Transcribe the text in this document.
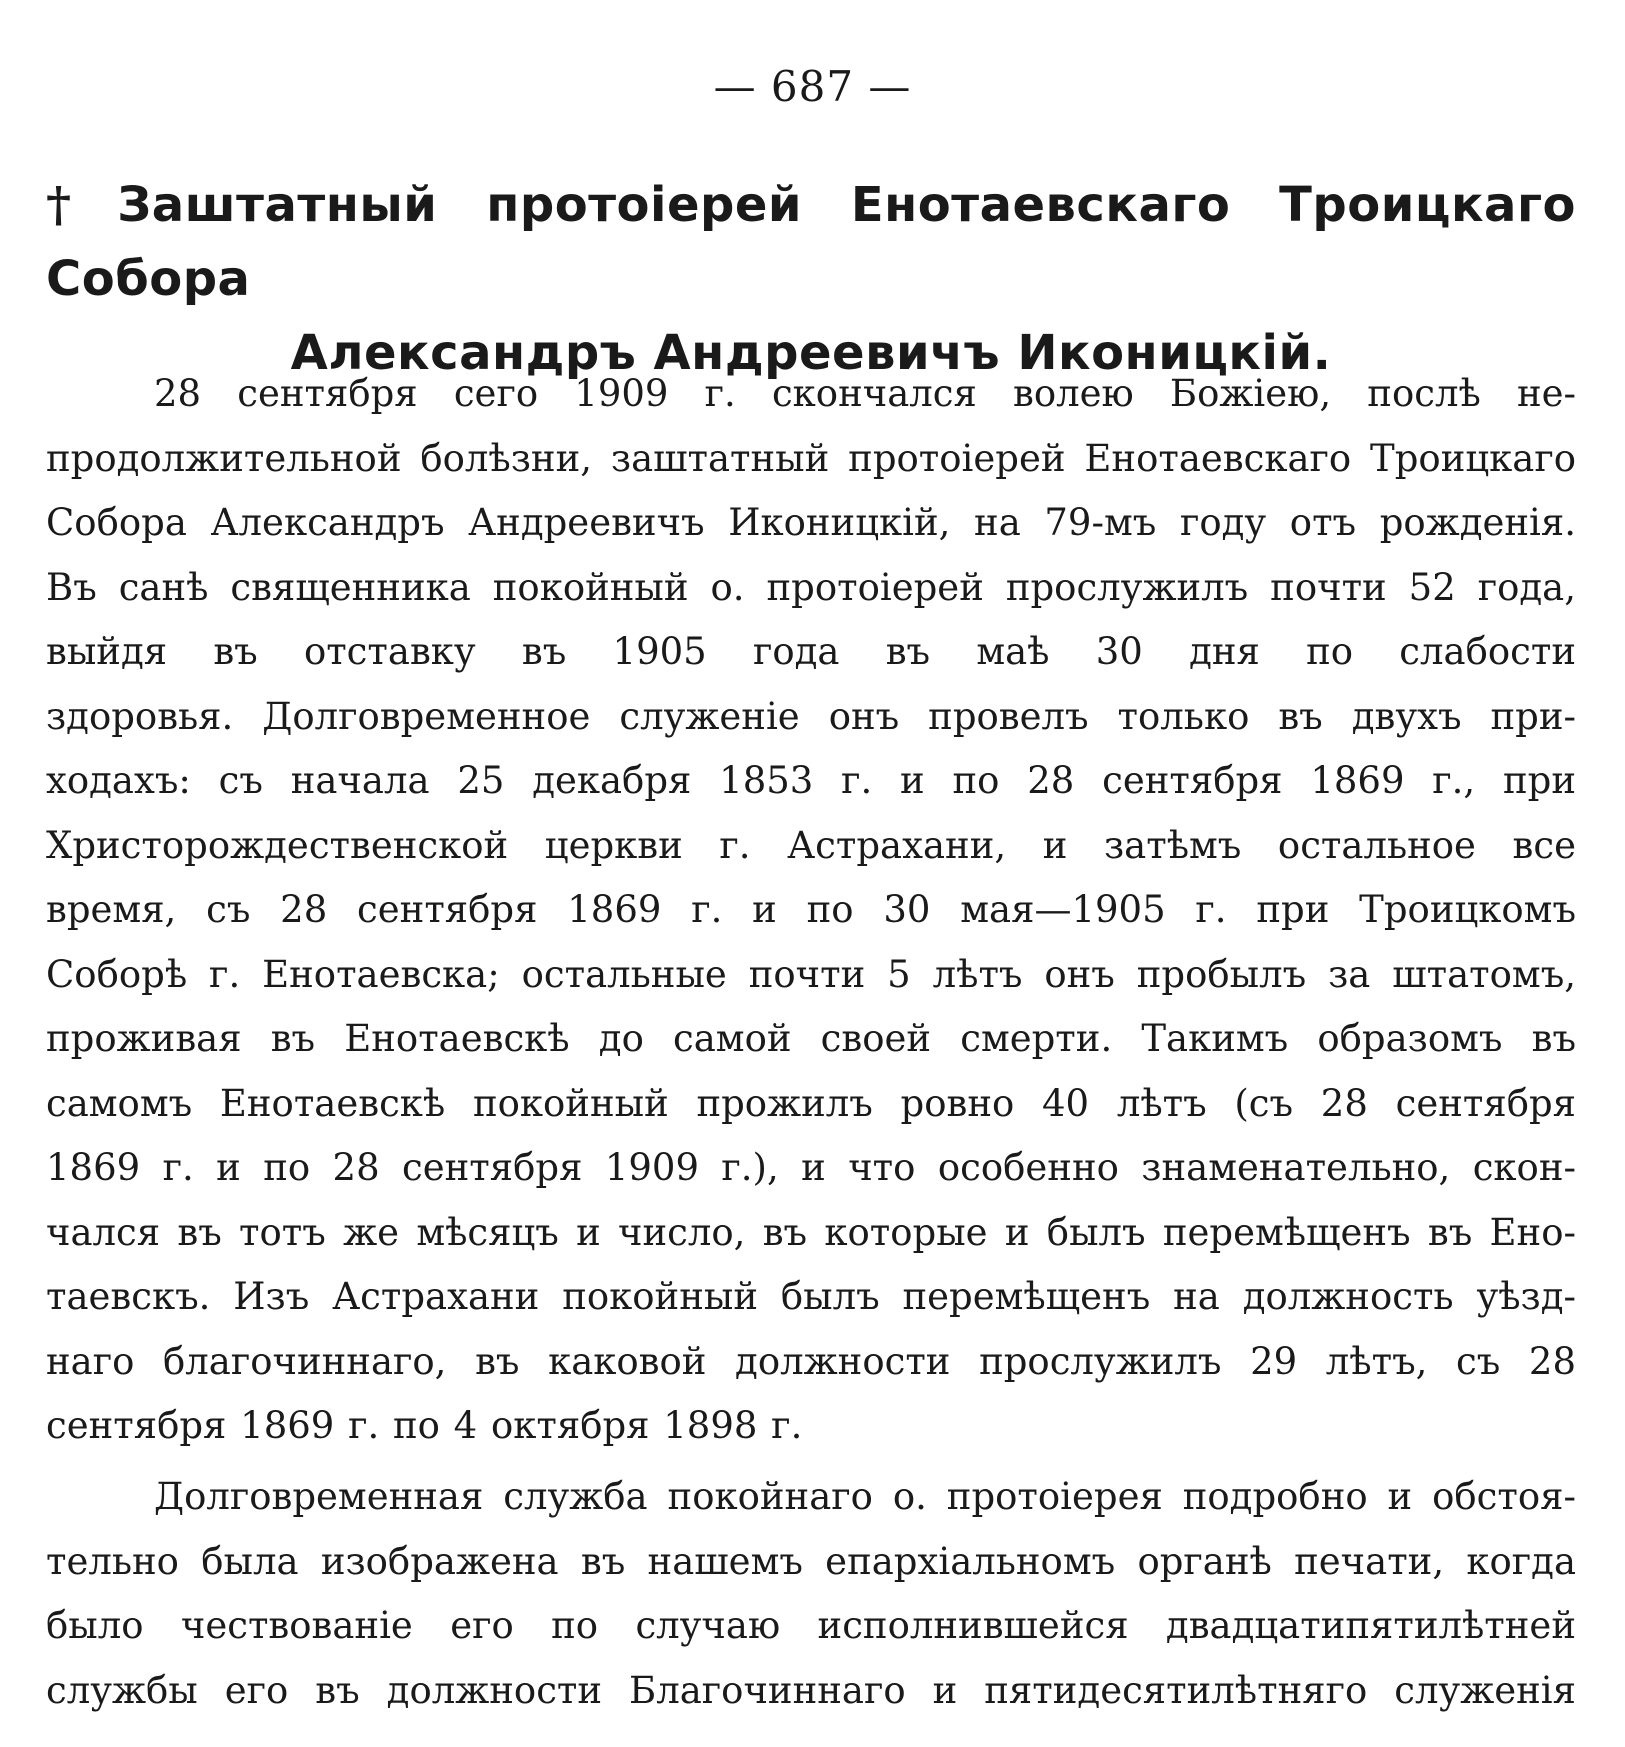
— 687 —
† Заштатный протоіерей Енотаевскаго Троицкаго Собора
Александръ Андреевичъ Иконицкій.
28 сентября сего 1909 г. скончался волею Божіею, послѣ не-
продолжительной болѣзни, заштатный протоіерей Енотаевскаго Троицкаго
Собора Александръ Андреевичъ Иконицкій, на 79-мъ году отъ рожденія.
Въ санѣ священника покойный о. протоіерей прослужилъ почти 52 года,
выйдя въ отставку въ 1905 года въ маѣ 30 дня по слабости
здоровья. Долговременное служеніе онъ провелъ только въ двухъ при-
ходахъ: съ начала 25 декабря 1853 г. и по 28 сентября 1869 г., при
Христорождественской церкви г. Астрахани, и затѣмъ остальное все
время, съ 28 сентября 1869 г. и по 30 мая—1905 г. при Троицкомъ
Соборѣ г. Енотаевска; остальные почти 5 лѣтъ онъ пробылъ за штатомъ,
проживая въ Енотаевскѣ до самой своей смерти. Такимъ образомъ въ
самомъ Енотаевскѣ покойный прожилъ ровно 40 лѣтъ (съ 28 сентября
1869 г. и по 28 сентября 1909 г.), и что особенно знаменательно, скон-
чался въ тотъ же мѣсяцъ и число, въ которые и былъ перемѣщенъ въ Ено-
таевскъ. Изъ Астрахани покойный былъ перемѣщенъ на должность уѣзд-
наго благочиннаго, въ каковой должности прослужилъ 29 лѣтъ, съ 28
сентября 1869 г. по 4 октября 1898 г.
Долговременная служба покойнаго о. протоіерея подробно и обстоя-
тельно была изображена въ нашемъ епархіальномъ органѣ печати, когда
было чествованіе его по случаю исполнившейся двадцатипятилѣтней
службы его въ должности Благочиннаго и пятидесятилѣтняго служенія
